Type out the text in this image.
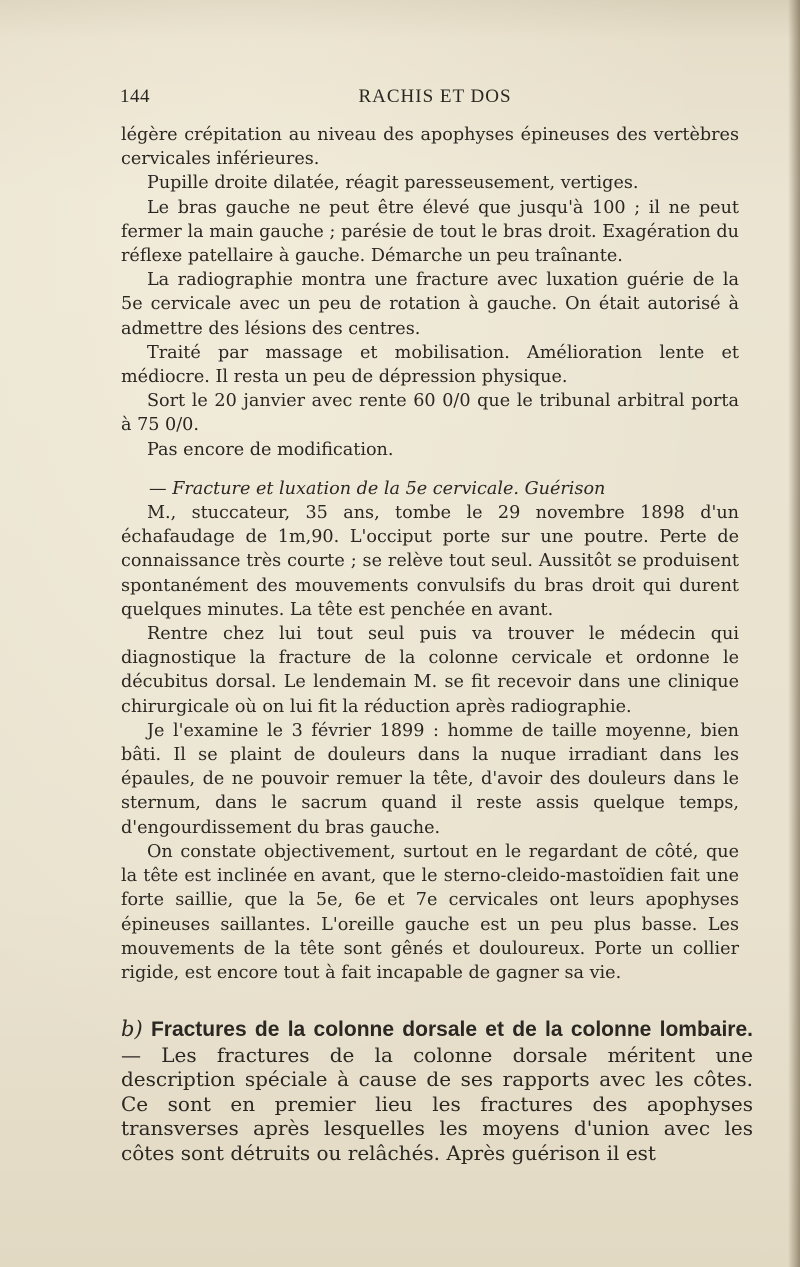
144	RACHIS ET DOS

légère crépitation au niveau des apophyses épineuses des vertèbres cervicales inférieures.

Pupille droite dilatée, réagit paresseusement, vertiges.

Le bras gauche ne peut être élevé que jusqu'à 100 ; il ne peut fermer la main gauche ; parésie de tout le bras droit. Exagération du réflexe patellaire à gauche. Démarche un peu traînante.

La radiographie montra une fracture avec luxation guérie de la 5e cervicale avec un peu de rotation à gauche. On était autorisé à admettre des lésions des centres.

Traité par massage et mobilisation. Amélioration lente et médiocre. Il resta un peu de dépression physique.

Sort le 20 janvier avec rente 60 0/0 que le tribunal arbitral porta à 75 0/0.

Pas encore de modification.

— Fracture et luxation de la 5e cervicale. Guérison

M., stuccateur, 35 ans, tombe le 29 novembre 1898 d'un échafaudage de 1m,90. L'occiput porte sur une poutre. Perte de connaissance très courte ; se relève tout seul. Aussitôt se produisent spontanément des mouvements convulsifs du bras droit qui durent quelques minutes. La tête est penchée en avant.

Rentre chez lui tout seul puis va trouver le médecin qui diagnostique la fracture de la colonne cervicale et ordonne le décubitus dorsal. Le lendemain M. se fit recevoir dans une clinique chirurgicale où on lui fit la réduction après radiographie.

Je l'examine le 3 février 1899 : homme de taille moyenne, bien bâti. Il se plaint de douleurs dans la nuque irradiant dans les épaules, de ne pouvoir remuer la tête, d'avoir des douleurs dans le sternum, dans le sacrum quand il reste assis quelque temps, d'engourdissement du bras gauche.

On constate objectivement, surtout en le regardant de côté, que la tête est inclinée en avant, que le sterno-cleido-mastoïdien fait une forte saillie, que la 5e, 6e et 7e cervicales ont leurs apophyses épineuses saillantes. L'oreille gauche est un peu plus basse. Les mouvements de la tête sont gênés et douloureux. Porte un collier rigide, est encore tout à fait incapable de gagner sa vie.

b) Fractures de la colonne dorsale et de la colonne lombaire. — Les fractures de la colonne dorsale méritent une description spéciale à cause de ses rapports avec les côtes. Ce sont en premier lieu les fractures des apophyses transverses après lesquelles les moyens d'union avec les côtes sont détruits ou relâchés. Après guérison il est
